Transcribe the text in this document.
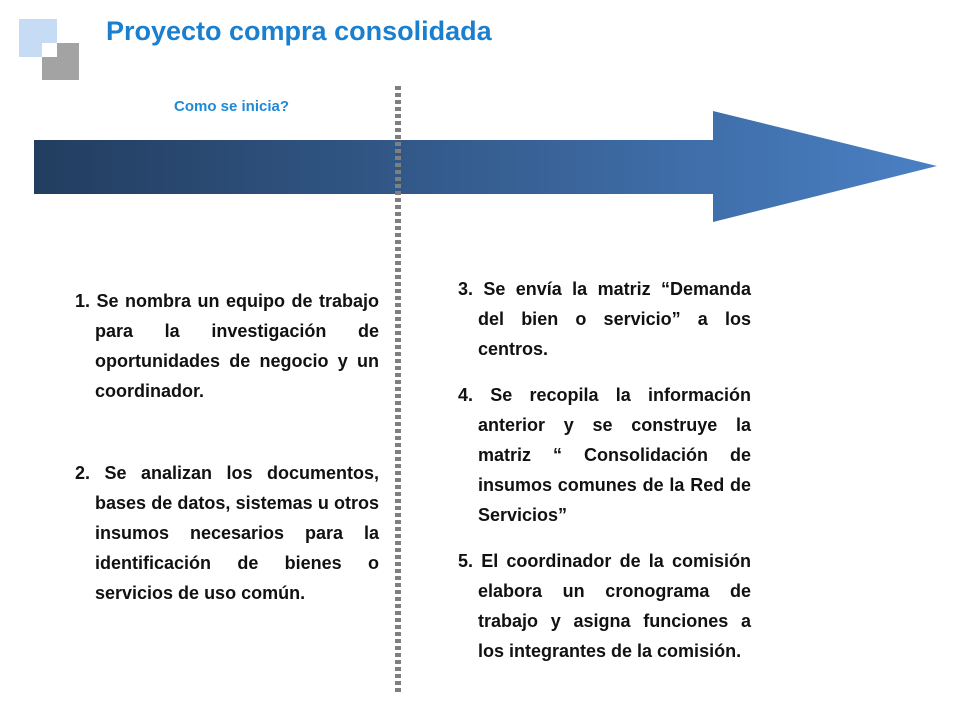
Proyecto compra consolidada
Como se inicia?
1. Se nombra un equipo de trabajo para la investigación de oportunidades de negocio y un coordinador.
2. Se analizan los documentos, bases de datos, sistemas u otros insumos necesarios para la identificación de bienes o servicios de uso común.
3. Se envía la matriz “Demanda del bien o servicio” a los centros.
4. Se recopila la información anterior y se construye la matriz “ Consolidación de insumos comunes de la Red de Servicios”
5. El coordinador de la comisión elabora un cronograma de trabajo y asigna funciones a los integrantes de la comisión.
